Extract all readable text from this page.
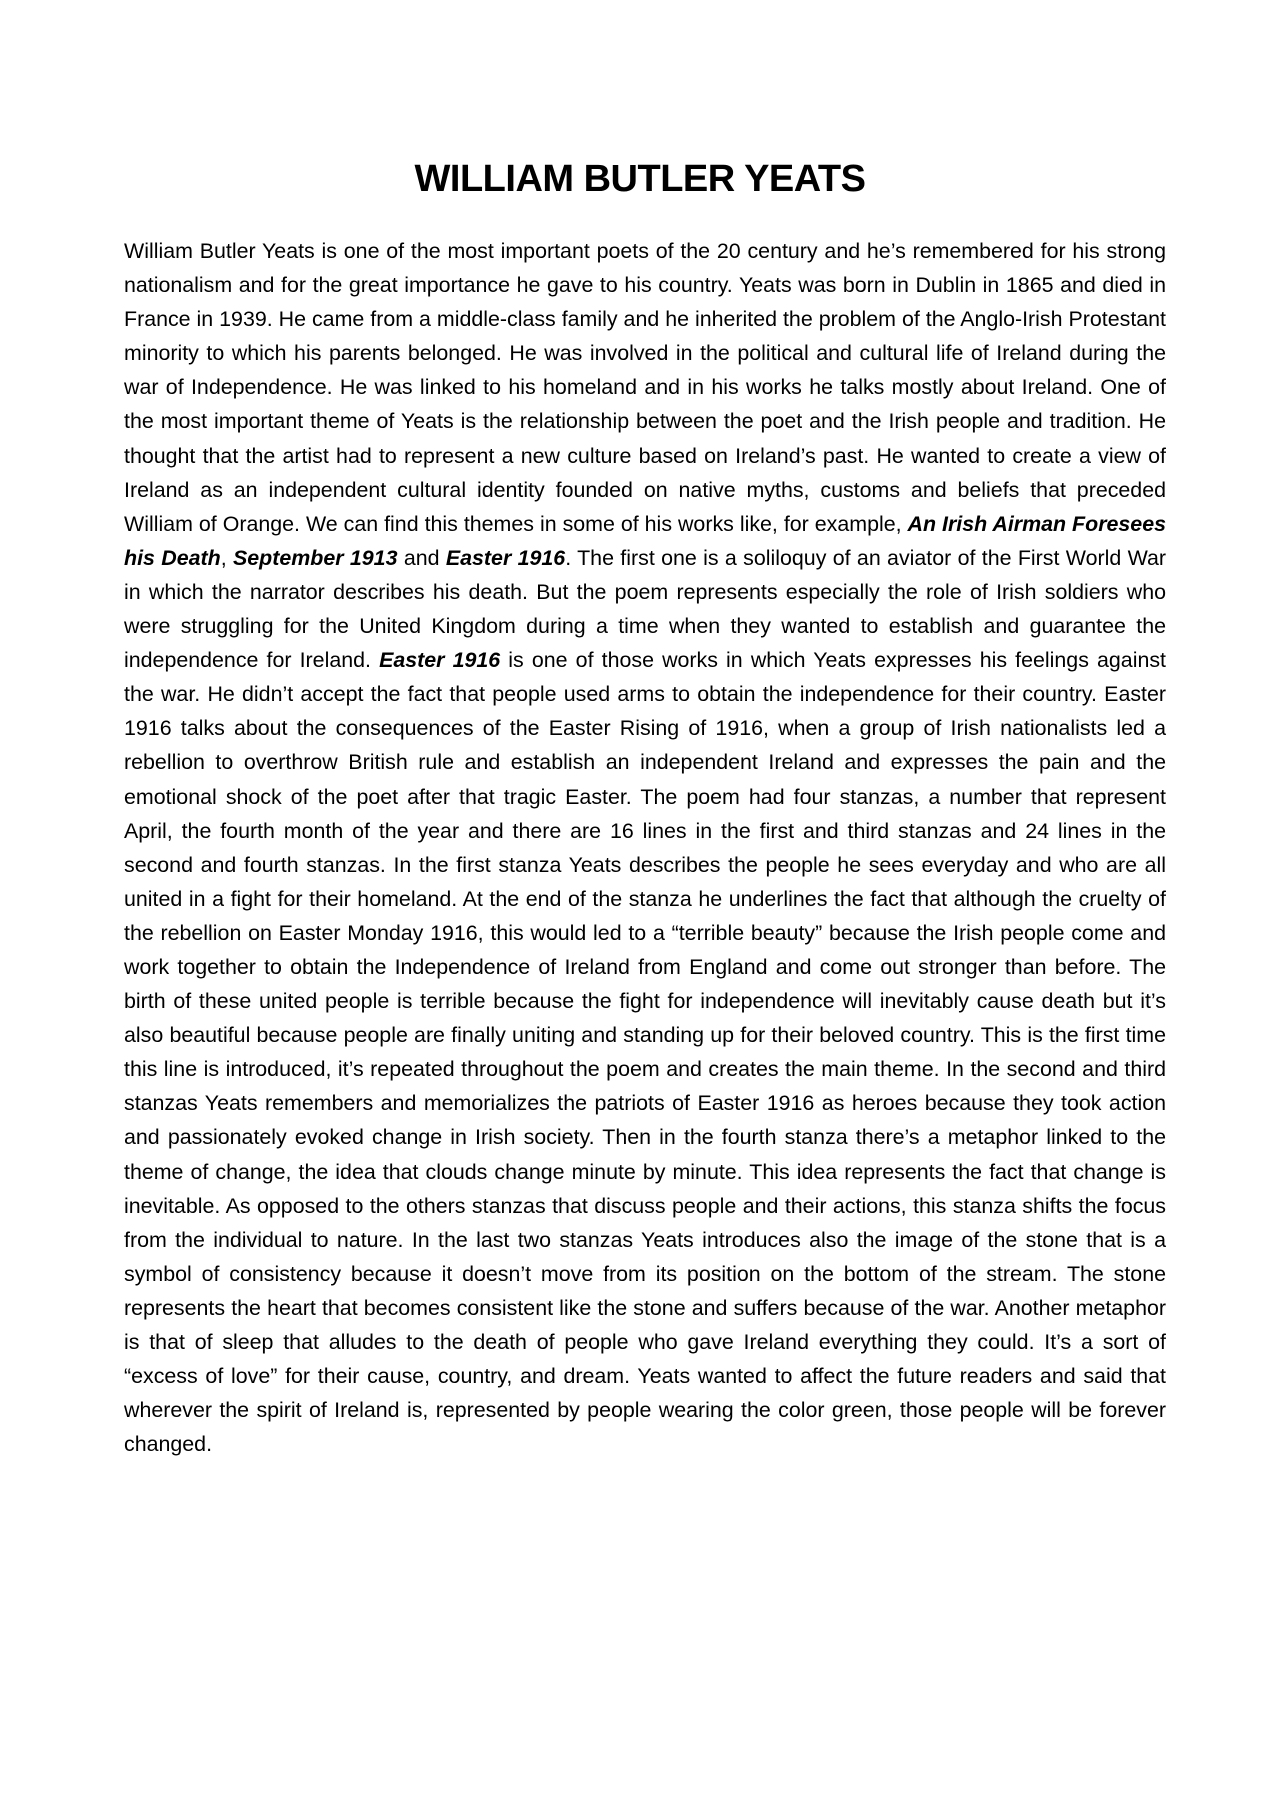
WILLIAM BUTLER YEATS

William Butler Yeats is one of the most important poets of the 20 century and he’s remembered for his strong nationalism and for the great importance he gave to his country. Yeats was born in Dublin in 1865 and died in France in 1939. He came from a middle-class family and he inherited the problem of the Anglo-Irish Protestant minority to which his parents belonged. He was involved in the political and cultural life of Ireland during the war of Independence. He was linked to his homeland and in his works he talks mostly about Ireland. One of the most important theme of Yeats is the relationship between the poet and the Irish people and tradition. He thought that the artist had to represent a new culture based on Ireland’s past. He wanted to create a view of Ireland as an independent cultural identity founded on native myths, customs and beliefs that preceded William of Orange. We can find this themes in some of his works like, for example, An Irish Airman Foresees his Death, September 1913 and Easter 1916. The first one is a soliloquy of an aviator of the First World War in which the narrator describes his death. But the poem represents especially the role of Irish soldiers who were struggling for the United Kingdom during a time when they wanted to establish and guarantee the independence for Ireland. Easter 1916 is one of those works in which Yeats expresses his feelings against the war. He didn’t accept the fact that people used arms to obtain the independence for their country. Easter 1916 talks about the consequences of the Easter Rising of 1916, when a group of Irish nationalists led a rebellion to overthrow British rule and establish an independent Ireland and expresses the pain and the emotional shock of the poet after that tragic Easter. The poem had four stanzas, a number that represent April, the fourth month of the year and there are 16 lines in the first and third stanzas and 24 lines in the second and fourth stanzas. In the first stanza Yeats describes the people he sees everyday and who are all united in a fight for their homeland. At the end of the stanza he underlines the fact that although the cruelty of the rebellion on Easter Monday 1916, this would led to a “terrible beauty” because the Irish people come and work together to obtain the Independence of Ireland from England and come out stronger than before. The birth of these united people is terrible because the fight for independence will inevitably cause death but it’s also beautiful because people are finally uniting and standing up for their beloved country. This is the first time this line is introduced, it’s repeated throughout the poem and creates the main theme. In the second and third stanzas Yeats remembers and memorializes the patriots of Easter 1916 as heroes because they took action and passionately evoked change in Irish society. Then in the fourth stanza there’s a metaphor linked to the theme of change, the idea that clouds change minute by minute. This idea represents the fact that change is inevitable. As opposed to the others stanzas that discuss people and their actions, this stanza shifts the focus from the individual to nature. In the last two stanzas Yeats introduces also the image of the stone that is a symbol of consistency because it doesn’t move from its position on the bottom of the stream. The stone represents the heart that becomes consistent like the stone and suffers because of the war. Another metaphor is that of sleep that alludes to the death of people who gave Ireland everything they could. It’s a sort of “excess of love” for their cause, country, and dream. Yeats wanted to affect the future readers and said that wherever the spirit of Ireland is, represented by people wearing the color green, those people will be forever changed.
